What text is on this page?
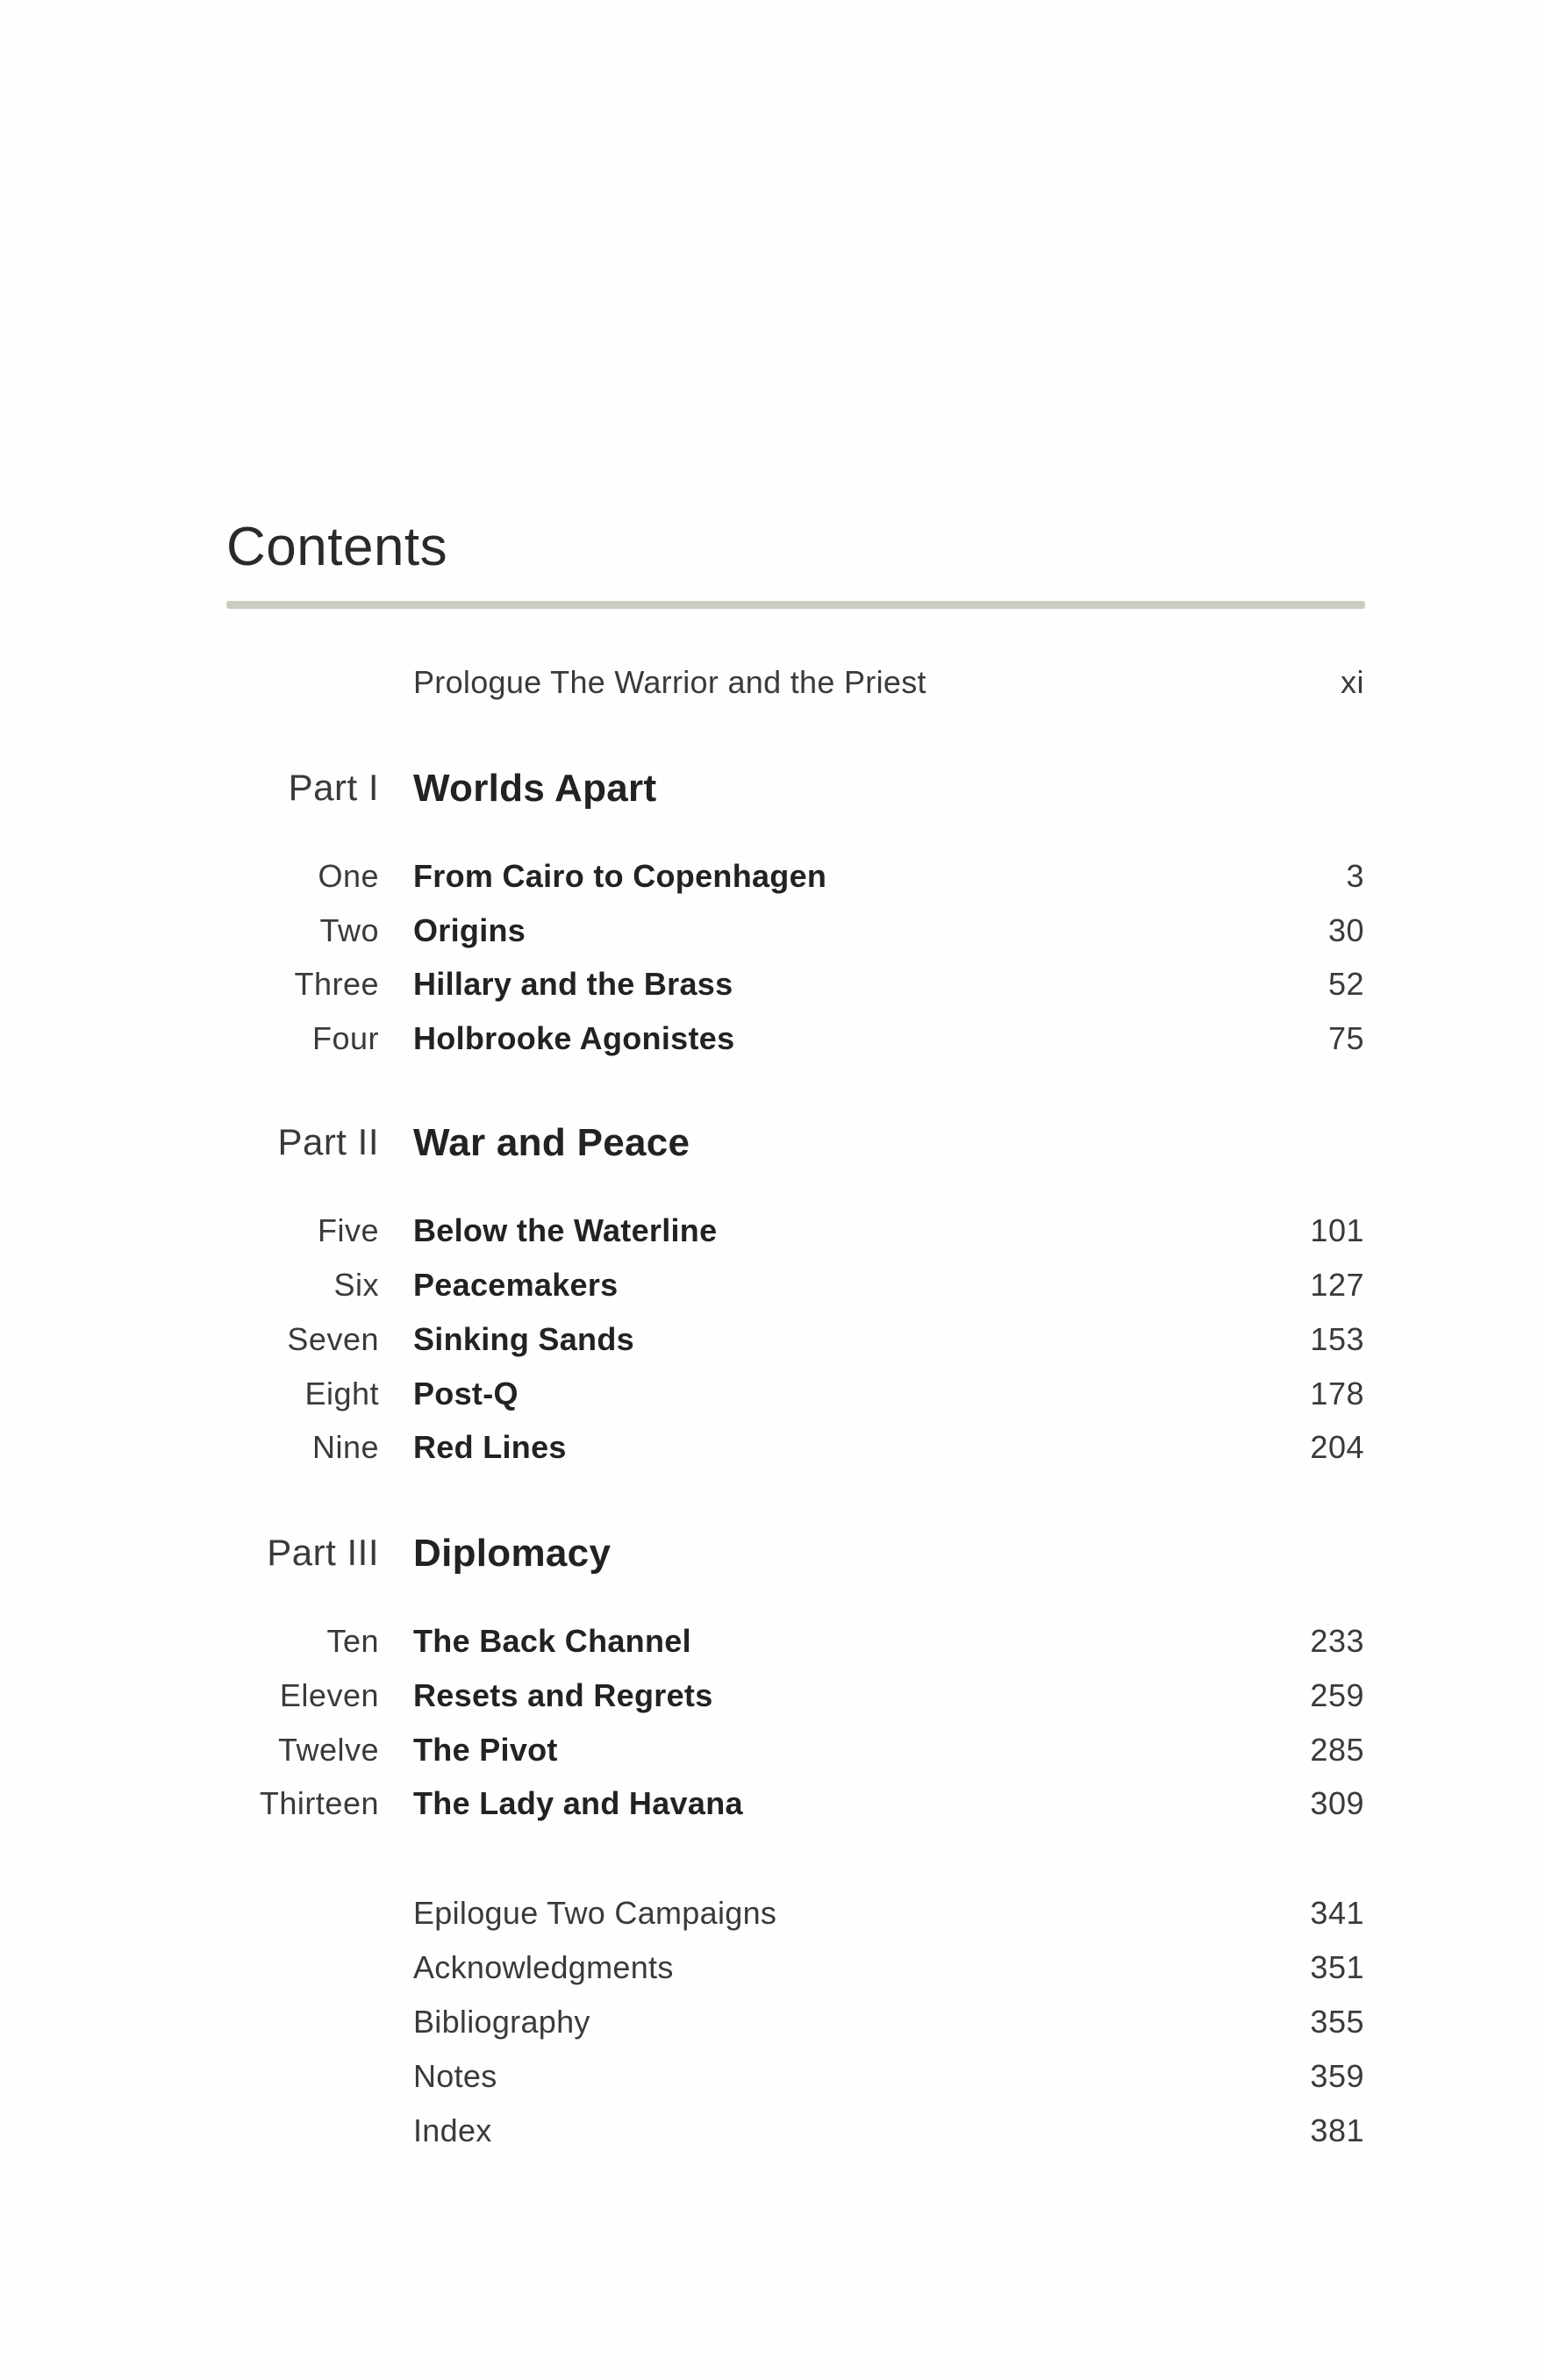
Contents
Prologue The Warrior and the Priest	xi
Part I Worlds Apart
One From Cairo to Copenhagen	3
Two Origins	30
Three Hillary and the Brass	52
Four Holbrooke Agonistes	75
Part II War and Peace
Five Below the Waterline	101
Six Peacemakers	127
Seven Sinking Sands	153
Eight Post-Q	178
Nine Red Lines	204
Part III Diplomacy
Ten The Back Channel	233
Eleven Resets and Regrets	259
Twelve The Pivot	285
Thirteen The Lady and Havana	309
Epilogue Two Campaigns	341
Acknowledgments	351
Bibliography	355
Notes	359
Index	381
